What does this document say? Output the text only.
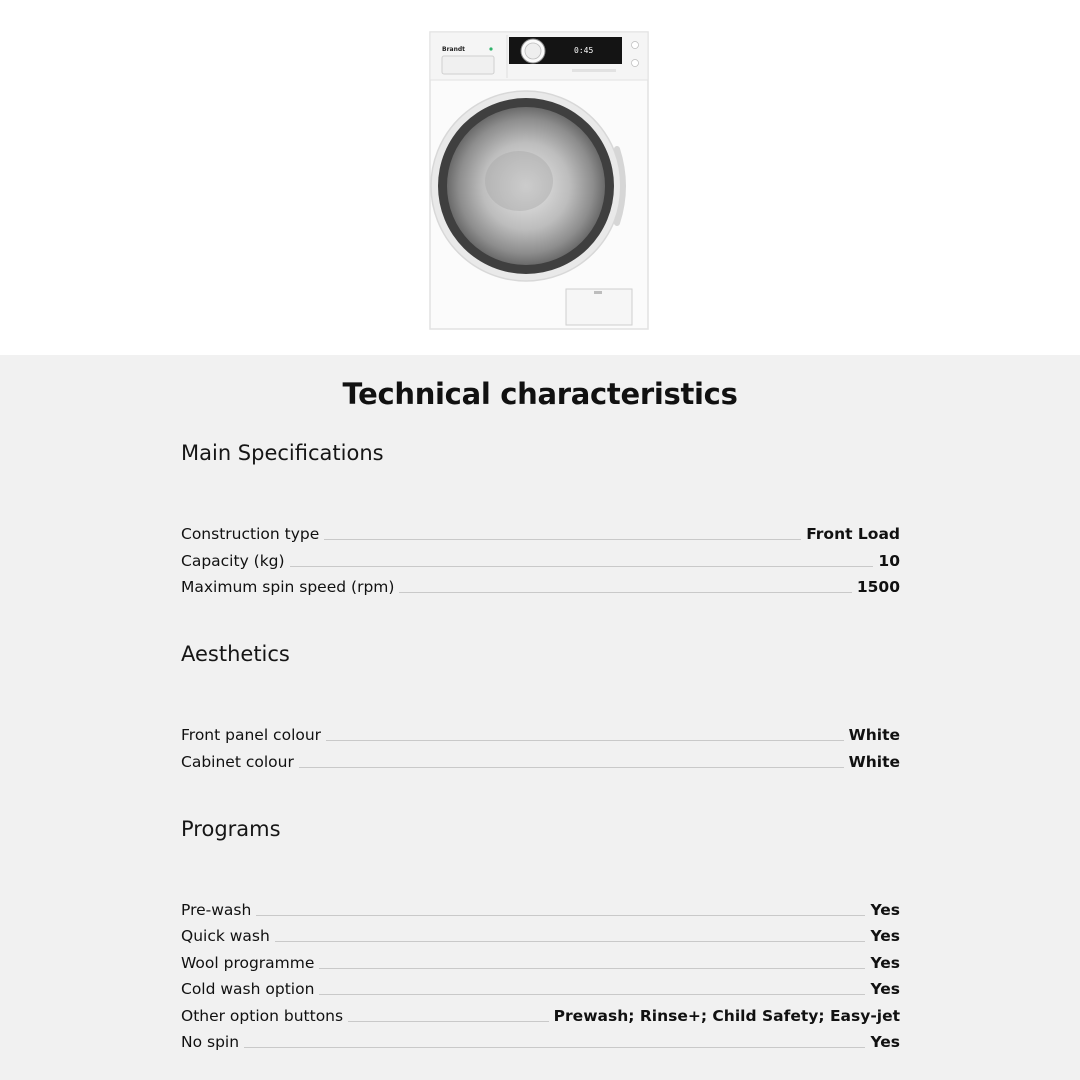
Brandt	0:45
Technical characteristics
Main Specifications
Construction type	Front Load
Capacity (kg)	10
Maximum spin speed (rpm)	1500
Aesthetics
Front panel colour	White
Cabinet colour	White
Programs
Pre-wash	Yes
Quick wash	Yes
Wool programme	Yes
Cold wash option	Yes
Other option buttons	Prewash; Rinse+; Child Safety; Easy-jet
No spin	Yes
